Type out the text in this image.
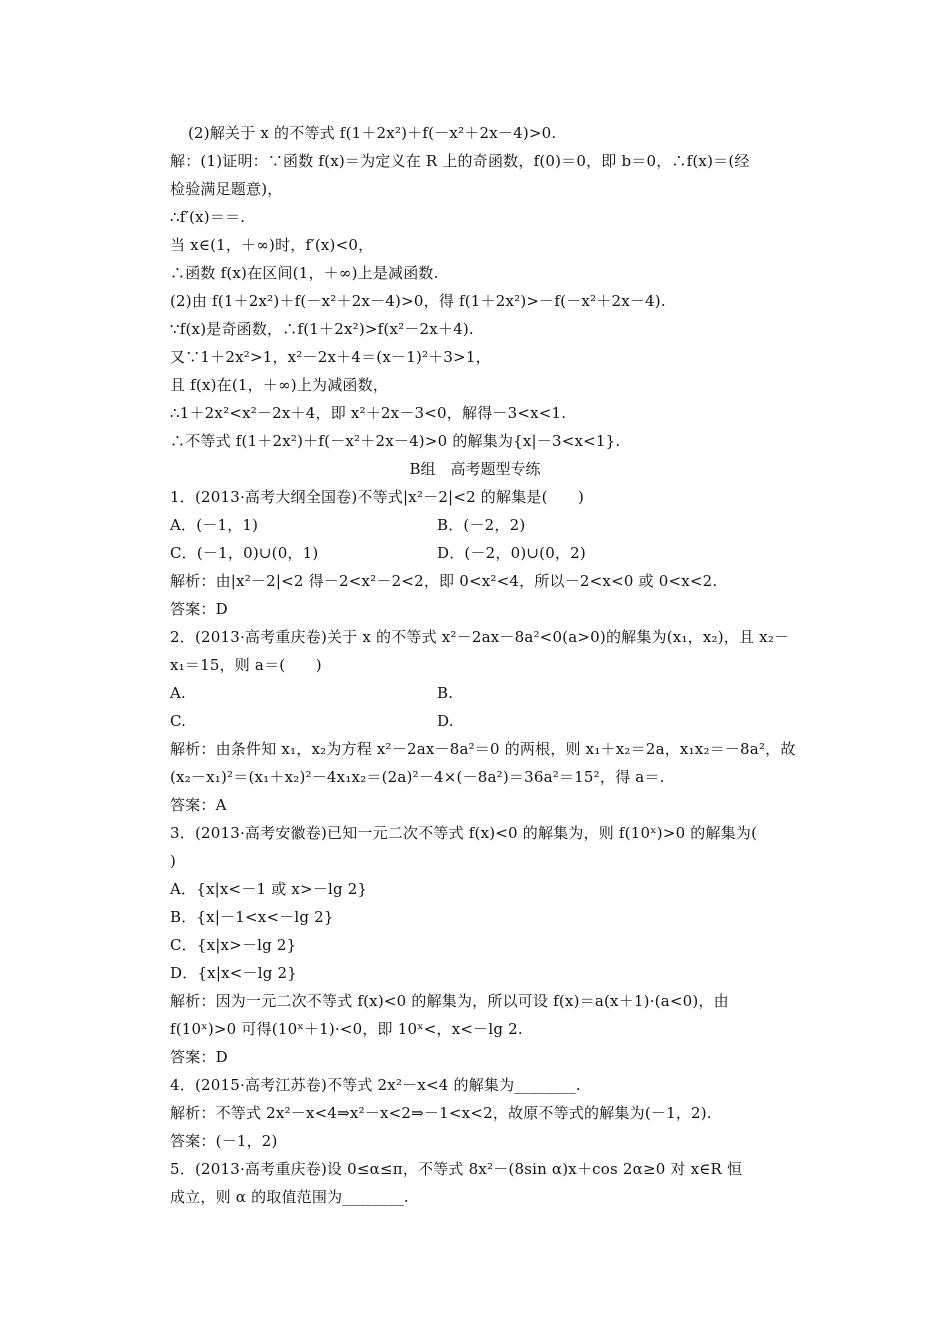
(2)解关于 x 的不等式 f(1＋2x²)＋f(－x²＋2x－4)>0.
解：(1)证明：∵函数 f(x)＝为定义在 R 上的奇函数，f(0)＝0，即 b＝0，∴f(x)＝(经
检验满足题意)，
∴f′(x)＝＝.
当 x∈(1，＋∞)时，f′(x)<0，
∴函数 f(x)在区间(1，＋∞)上是减函数.
(2)由 f(1＋2x²)＋f(－x²＋2x－4)>0，得 f(1＋2x²)>－f(－x²＋2x－4).
∵f(x)是奇函数，∴f(1＋2x²)>f(x²－2x＋4).
又∵1＋2x²>1，x²－2x＋4＝(x－1)²＋3>1，
且 f(x)在(1，＋∞)上为减函数，
∴1＋2x²<x²－2x＋4，即 x²＋2x－3<0，解得－3<x<1.
∴不等式 f(1＋2x²)＋f(－x²＋2x－4)>0 的解集为{x|－3<x<1}.
B组　高考题型专练
1．(2013·高考大纲全国卷)不等式|x²－2|<2 的解集是(　　)
A．(－1，1)	B．(－2，2)
C．(－1，0)∪(0，1)	D．(－2，0)∪(0，2)
解析：由|x²－2|<2 得－2<x²－2<2，即 0<x²<4，所以－2<x<0 或 0<x<2.
答案：D
2．(2013·高考重庆卷)关于 x 的不等式 x²－2ax－8a²<0(a>0)的解集为(x₁，x₂)，且 x₂－
x₁＝15，则 a＝(　　)
A.	B.
C.	D.
解析：由条件知 x₁，x₂为方程 x²－2ax－8a²＝0 的两根，则 x₁＋x₂＝2a，x₁x₂＝－8a²，故
(x₂－x₁)²＝(x₁＋x₂)²－4x₁x₂＝(2a)²－4×(－8a²)＝36a²＝15²，得 a＝.
答案：A
3．(2013·高考安徽卷)已知一元二次不等式 f(x)<0 的解集为，则 f(10ˣ)>0 的解集为(
)
A．{x|x<－1 或 x>－lg 2}
B．{x|－1<x<－lg 2}
C．{x|x>－lg 2}
D．{x|x<－lg 2}
解析：因为一元二次不等式 f(x)<0 的解集为，所以可设 f(x)＝a(x＋1)·(a<0)，由
f(10ˣ)>0 可得(10ˣ＋1)·<0，即 10ˣ<，x<－lg 2.
答案：D
4．(2015·高考江苏卷)不等式 2x²－x<4 的解集为________.
解析：不等式 2x²－x<4⇒x²－x<2⇒－1<x<2，故原不等式的解集为(－1，2).
答案：(－1，2)
5．(2013·高考重庆卷)设 0≤α≤π，不等式 8x²－(8sin α)x＋cos 2α≥0 对 x∈R 恒
成立，则 α 的取值范围为________.
